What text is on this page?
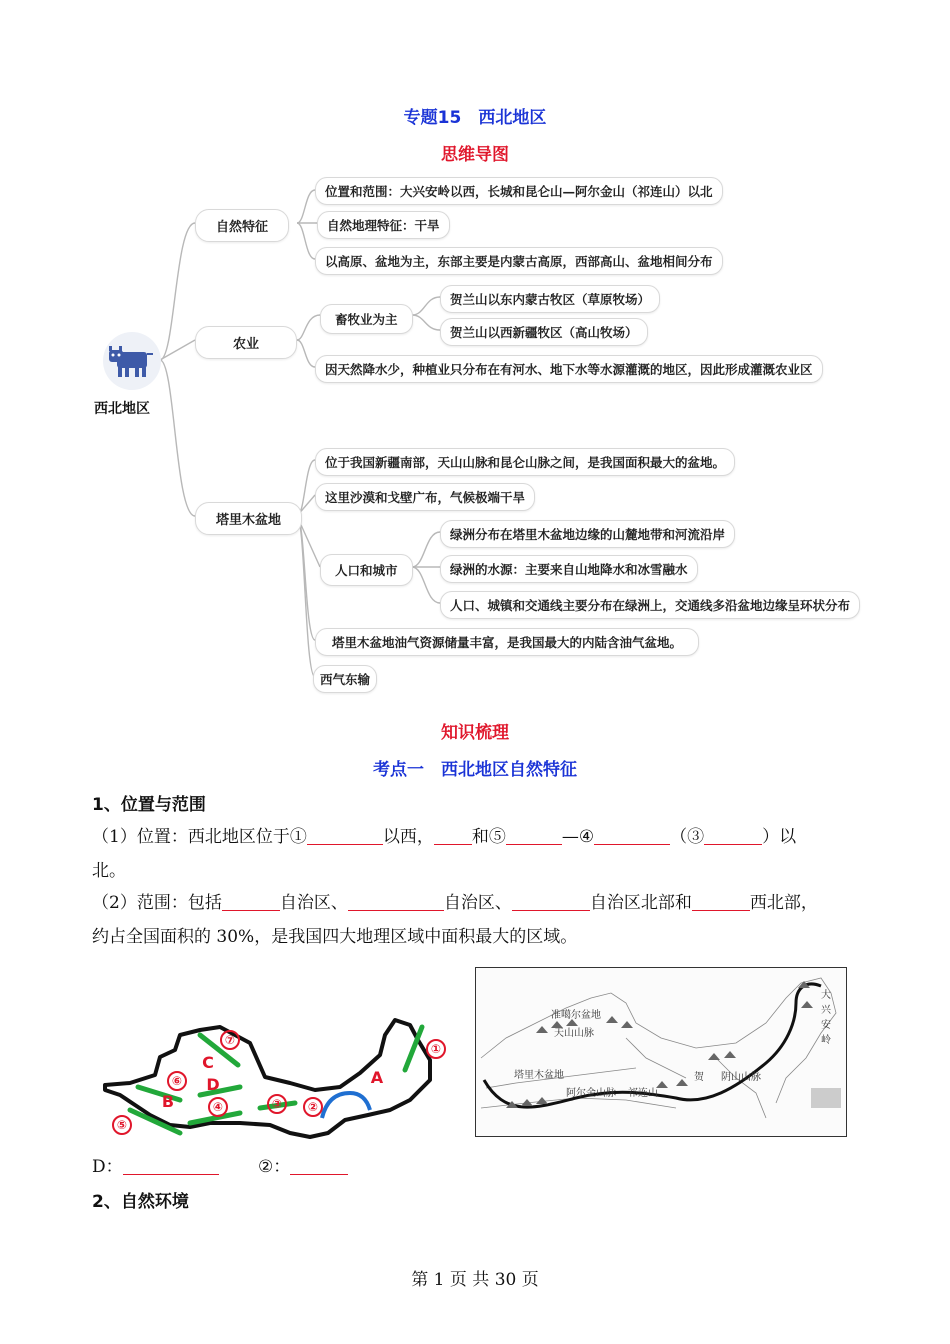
专题15　西北地区
思维导图
西北地区
自然特征
农业
塔里木盆地
位置和范围：大兴安岭以西，长城和昆仑山—阿尔金山（祁连山）以北
自然地理特征：干旱
以高原、盆地为主，东部主要是内蒙古高原，西部高山、盆地相间分布
畜牧业为主
贺兰山以东内蒙古牧区（草原牧场）
贺兰山以西新疆牧区（高山牧场）
因天然降水少，种植业只分布在有河水、地下水等水源灌溉的地区，因此形成灌溉农业区
位于我国新疆南部，天山山脉和昆仑山脉之间，是我国面积最大的盆地。
这里沙漠和戈壁广布，气候极端干旱
人口和城市
绿洲分布在塔里木盆地边缘的山麓地带和河流沿岸
绿洲的水源：主要来自山地降水和冰雪融水
人口、城镇和交通线主要分布在绿洲上，交通线多沿盆地边缘呈环状分布
塔里木盆地油气资源储量丰富，是我国最大的内陆含油气盆地。
西气东输
知识梳理
考点一　西北地区自然特征
1、位置与范围
（1）位置：西北地区位于①	以西， 和⑤	—④	（③	）以
北。
（2）范围：包括	自治区、	自治区、	自治区北部和	西北部，
约占全国面积的 30%，是我国四大地理区域中面积最大的区域。
⑦
⑥
④	③ ②
⑤
①
A
B
C
D
准噶尔盆地
天山山脉
塔里木盆地
阿尔金山脉 祁连山
贺 阴山山脉
大
兴
安
岭
D：	②：
2、自然环境
第 1 页 共 30 页
